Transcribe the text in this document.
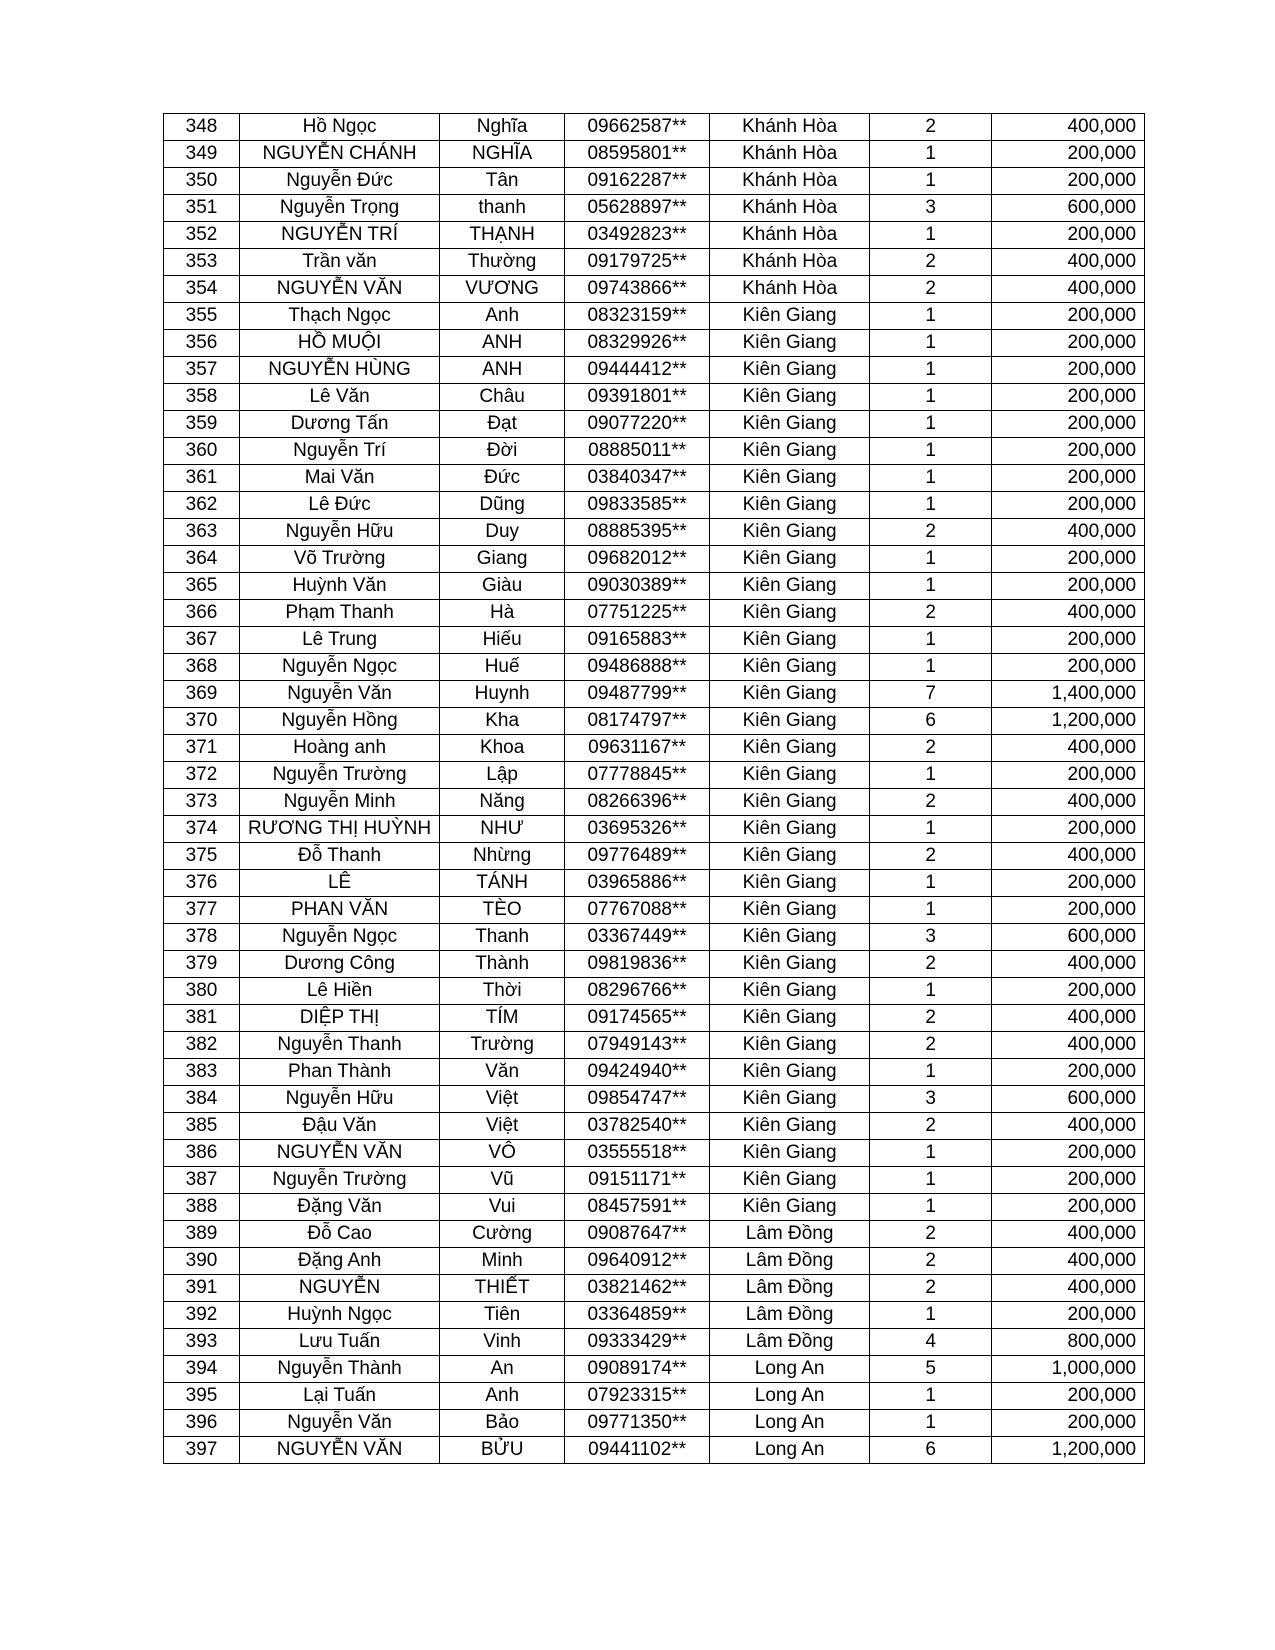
348	Hồ Ngọc	Nghĩa	09662587**	Khánh Hòa	2	400,000
349	NGUYỄN CHÁNH	NGHĨA	08595801**	Khánh Hòa	1	200,000
350	Nguyễn Đức	Tân	09162287**	Khánh Hòa	1	200,000
351	Nguyễn Trọng	thanh	05628897**	Khánh Hòa	3	600,000
352	NGUYỄN TRÍ	THẠNH	03492823**	Khánh Hòa	1	200,000
353	Trần văn	Thường	09179725**	Khánh Hòa	2	400,000
354	NGUYỄN VĂN	VƯƠNG	09743866**	Khánh Hòa	2	400,000
355	Thạch Ngọc	Anh	08323159**	Kiên Giang	1	200,000
356	HỒ MUỘI	ANH	08329926**	Kiên Giang	1	200,000
357	NGUYỄN HÙNG	ANH	09444412**	Kiên Giang	1	200,000
358	Lê Văn	Châu	09391801**	Kiên Giang	1	200,000
359	Dương Tấn	Đạt	09077220**	Kiên Giang	1	200,000
360	Nguyễn Trí	Đời	08885011**	Kiên Giang	1	200,000
361	Mai Văn	Đức	03840347**	Kiên Giang	1	200,000
362	Lê Đức	Dũng	09833585**	Kiên Giang	1	200,000
363	Nguyễn Hữu	Duy	08885395**	Kiên Giang	2	400,000
364	Võ Trường	Giang	09682012**	Kiên Giang	1	200,000
365	Huỳnh Văn	Giàu	09030389**	Kiên Giang	1	200,000
366	Phạm Thanh	Hà	07751225**	Kiên Giang	2	400,000
367	Lê Trung	Hiếu	09165883**	Kiên Giang	1	200,000
368	Nguyễn Ngọc	Huế	09486888**	Kiên Giang	1	200,000
369	Nguyễn Văn	Huynh	09487799**	Kiên Giang	7	1,400,000
370	Nguyễn Hồng	Kha	08174797**	Kiên Giang	6	1,200,000
371	Hoàng anh	Khoa	09631167**	Kiên Giang	2	400,000
372	Nguyễn Trường	Lập	07778845**	Kiên Giang	1	200,000
373	Nguyễn Minh	Năng	08266396**	Kiên Giang	2	400,000
374	RƯƠNG THỊ HUỲNH	NHƯ	03695326**	Kiên Giang	1	200,000
375	Đỗ Thanh	Nhừng	09776489**	Kiên Giang	2	400,000
376	LÊ	TÁNH	03965886**	Kiên Giang	1	200,000
377	PHAN VĂN	TÈO	07767088**	Kiên Giang	1	200,000
378	Nguyễn Ngọc	Thanh	03367449**	Kiên Giang	3	600,000
379	Dương Công	Thành	09819836**	Kiên Giang	2	400,000
380	Lê Hiền	Thời	08296766**	Kiên Giang	1	200,000
381	DIỆP THỊ	TÍM	09174565**	Kiên Giang	2	400,000
382	Nguyễn Thanh	Trường	07949143**	Kiên Giang	2	400,000
383	Phan Thành	Văn	09424940**	Kiên Giang	1	200,000
384	Nguyễn Hữu	Việt	09854747**	Kiên Giang	3	600,000
385	Đậu Văn	Việt	03782540**	Kiên Giang	2	400,000
386	NGUYỄN VĂN	VÔ	03555518**	Kiên Giang	1	200,000
387	Nguyễn Trường	Vũ	09151171**	Kiên Giang	1	200,000
388	Đặng Văn	Vui	08457591**	Kiên Giang	1	200,000
389	Đỗ Cao	Cường	09087647**	Lâm Đồng	2	400,000
390	Đặng Anh	Minh	09640912**	Lâm Đồng	2	400,000
391	NGUYỄN	THIẾT	03821462**	Lâm Đồng	2	400,000
392	Huỳnh Ngọc	Tiên	03364859**	Lâm Đồng	1	200,000
393	Lưu Tuấn	Vinh	09333429**	Lâm Đồng	4	800,000
394	Nguyễn Thành	An	09089174**	Long An	5	1,000,000
395	Lại Tuấn	Anh	07923315**	Long An	1	200,000
396	Nguyễn Văn	Bảo	09771350**	Long An	1	200,000
397	NGUYỄN VĂN	BỬU	09441102**	Long An	6	1,200,000
